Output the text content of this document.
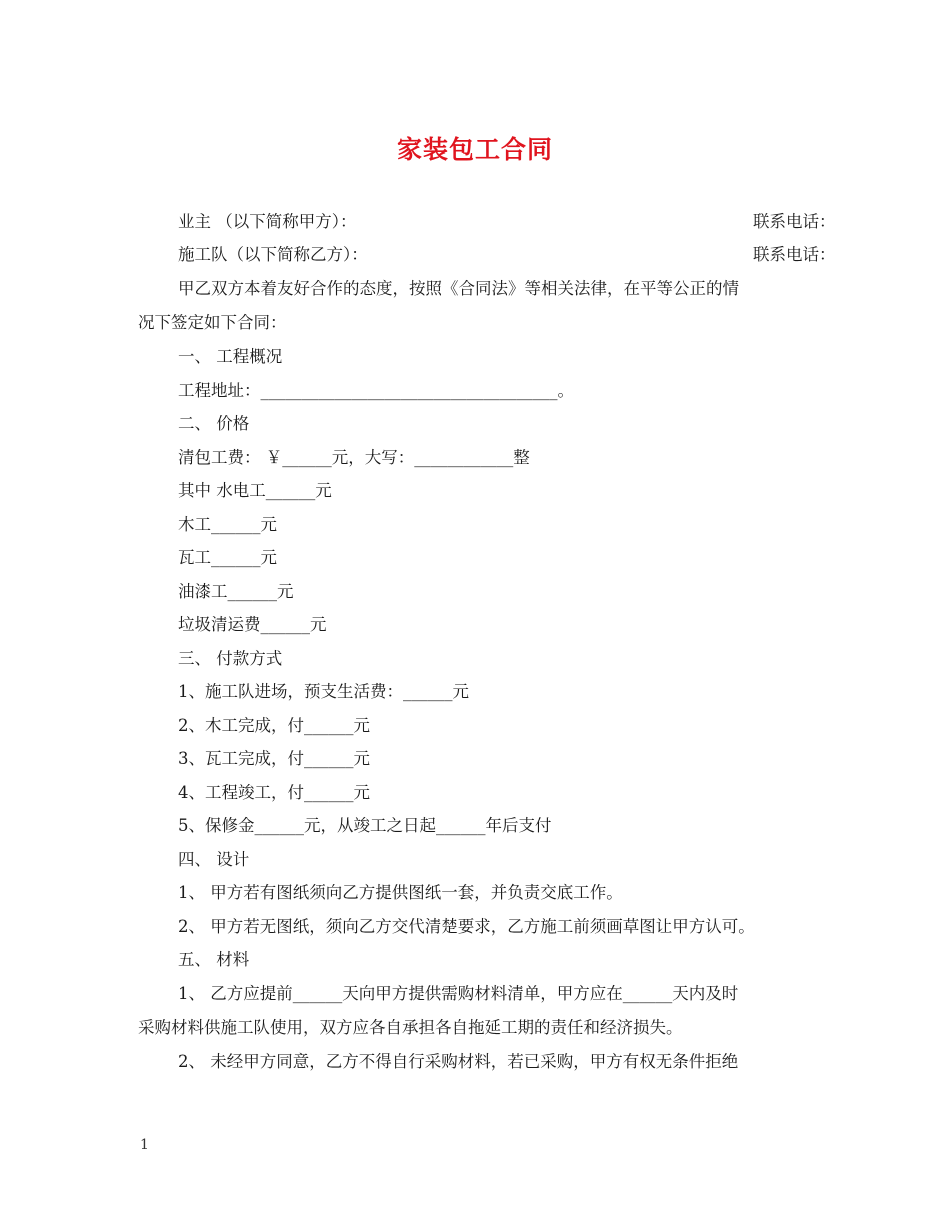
家装包工合同
业主 （以下简称甲方）：	联系电话：
施工队（以下简称乙方）：	联系电话：
甲乙双方本着友好合作的态度，按照《合同法》等相关法律，在平等公正的情
况下签定如下合同：
一、 工程概况
工程地址：____________________________________。
二、 价格
清包工费： ￥______元，大写：____________整
其中 水电工______元
木工______元
瓦工______元
油漆工______元
垃圾清运费______元
三、 付款方式
1、施工队进场，预支生活费：______元
2、木工完成，付______元
3、瓦工完成，付______元
4、工程竣工，付______元
5、保修金______元，从竣工之日起______年后支付
四、 设计
1、 甲方若有图纸须向乙方提供图纸一套，并负责交底工作。
2、 甲方若无图纸，须向乙方交代清楚要求，乙方施工前须画草图让甲方认可。
五、 材料
1、 乙方应提前______天向甲方提供需购材料清单，甲方应在______天内及时
采购材料供施工队使用，双方应各自承担各自拖延工期的责任和经济损失。
2、 未经甲方同意，乙方不得自行采购材料，若已采购，甲方有权无条件拒绝
1
